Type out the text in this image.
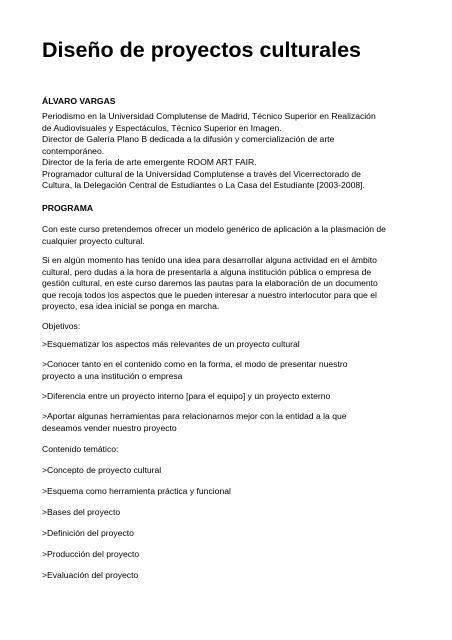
Diseño de proyectos culturales

ÁLVARO VARGAS

Periodismo en la Universidad Complutense de Madrid, Técnico Superior en Realización
de Audiovisuales y Espectáculos, Técnico Superior en Imagen.
Director de Galería Plano B dedicada a la difusión y comercialización de arte
contemporáneo.
Director de la feria de arte emergente ROOM ART FAIR.
Programador cultural de la Universidad Complutense a través del Vicerrectorado de
Cultura, la Delegación Central de Estudiantes o La Casa del Estudiante [2003-2008].

PROGRAMA

Con este curso pretendemos ofrecer un modelo genérico de aplicación a la plasmación de
cualquier proyecto cultural.

Si en algún momento has tenido una idea para desarrollar alguna actividad en el ámbito
cultural, pero dudas a la hora de presentarla a alguna institución pública o empresa de
gestión cultural, en este curso daremos las pautas para la elaboración de un documento
que recoja todos los aspectos que le pueden interesar a nuestro interlocutor para que el
proyecto, esa idea inicial se ponga en marcha.

Objetivos:

>Esquematizar los aspectos más relevantes de un proyecto cultural

>Conocer tanto en el contenido como en la forma, el modo de presentar nuestro
proyecto a una institución o empresa

>Diferencia entre un proyecto interno [para el equipo] y un proyecto externo

>Aportar algunas herramientas para relacionarnos mejor con la entidad a la que
deseamos vender nuestro proyecto

Contenido temático:

>Concepto de proyecto cultural

>Esquema como herramienta práctica y funcional

>Bases del proyecto

>Definición del proyecto

>Producción del proyecto

>Evaluación del proyecto
